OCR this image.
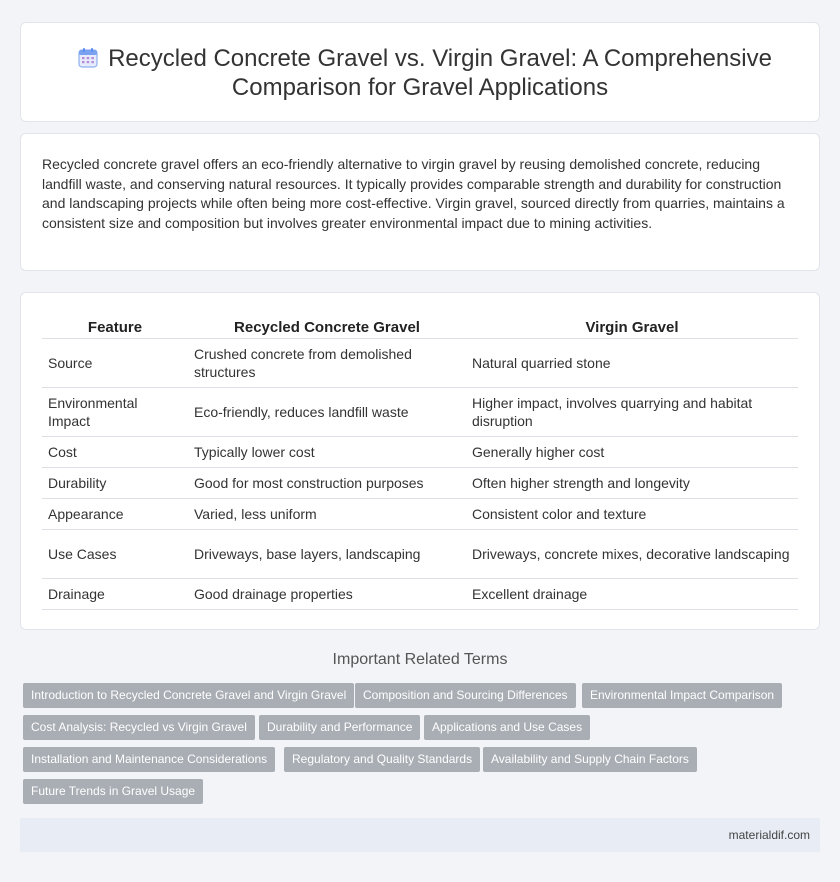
Recycled Concrete Gravel vs. Virgin Gravel: A Comprehensive
Comparison for Gravel Applications

Recycled concrete gravel offers an eco-friendly alternative to virgin gravel by reusing demolished concrete, reducing landfill waste, and conserving natural resources. It typically provides comparable strength and durability for construction and landscaping projects while often being more cost-effective. Virgin gravel, sourced directly from quarries, maintains a consistent size and composition but involves greater environmental impact due to mining activities.

Feature	Recycled Concrete Gravel	Virgin Gravel
Source	Crushed concrete from demolished structures	Natural quarried stone
Environmental Impact	Eco-friendly, reduces landfill waste	Higher impact, involves quarrying and habitat disruption
Cost	Typically lower cost	Generally higher cost
Durability	Good for most construction purposes	Often higher strength and longevity
Appearance	Varied, less uniform	Consistent color and texture
Use Cases	Driveways, base layers, landscaping	Driveways, concrete mixes, decorative landscaping
Drainage	Good drainage properties	Excellent drainage
Important Related Terms
Introduction to Recycled Concrete Gravel and Virgin Gravel	Composition and Sourcing Differences	Environmental Impact Comparison
Cost Analysis: Recycled vs Virgin Gravel	Durability and Performance	Applications and Use Cases
Installation and Maintenance Considerations	Regulatory and Quality Standards	Availability and Supply Chain Factors
Future Trends in Gravel Usage
materialdif.com
